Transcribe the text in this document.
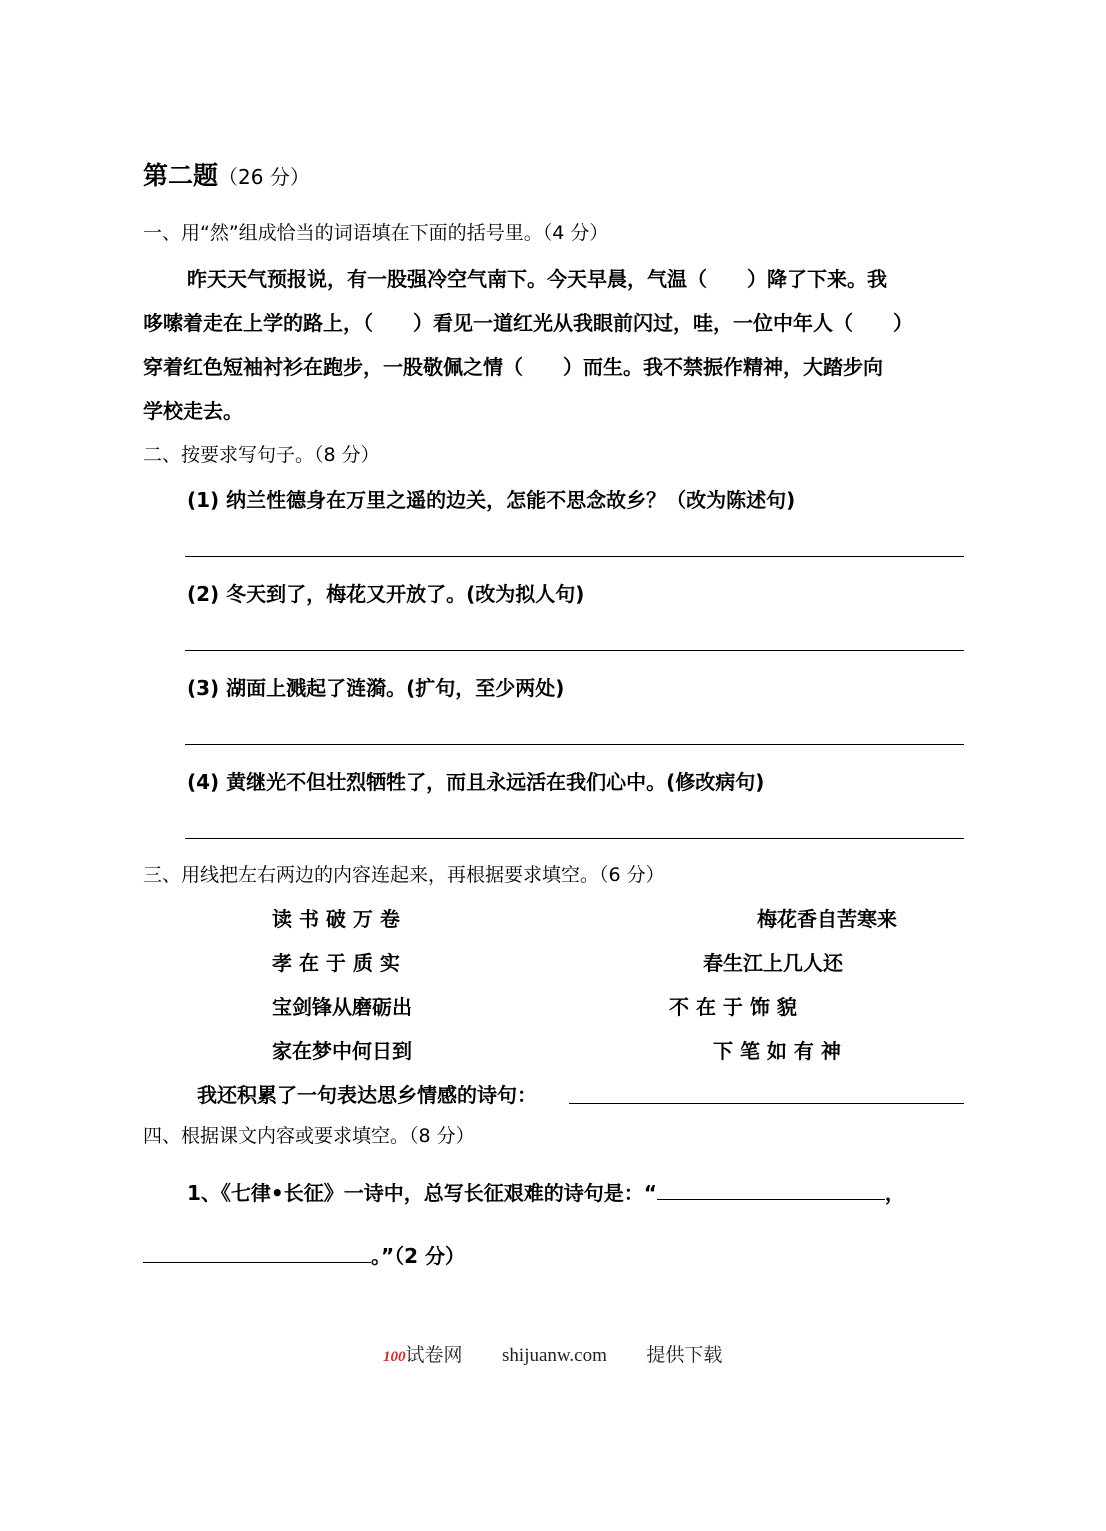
第二题（26 分）
一、用“然”组成恰当的词语填在下面的括号里。（4 分）
昨天天气预报说，有一股强冷空气南下。今天早晨，气温（　　）降了下来。我
哆嗦着走在上学的路上，（　　）看见一道红光从我眼前闪过，哇，一位中年人（　　）
穿着红色短袖衬衫在跑步，一股敬佩之情（　　）而生。我不禁振作精神，大踏步向
学校走去。
二、按要求写句子。（8 分）
(1) 纳兰性德身在万里之遥的边关，怎能不思念故乡？（改为陈述句)
(2) 冬天到了，梅花又开放了。(改为拟人句)
(3) 湖面上溅起了涟漪。(扩句，至少两处)
(4) 黄继光不但壮烈牺牲了，而且永远活在我们心中。(修改病句)
三、用线把左右两边的内容连起来，再根据要求填空。（6 分）
读 书 破 万 卷
孝 在 于 质 实
宝剑锋从磨砺出
家在梦中何日到
梅花香自苦寒来
春生江上几人还
不 在 于 饰 貌
下 笔 如 有 神
我还积累了一句表达思乡情感的诗句：
四、根据课文内容或要求填空。（8 分）
1、《七律•长征》一诗中，总写长征艰难的诗句是：“	，
。”（2 分）
100试卷网 shijuanw.com 提供下载
